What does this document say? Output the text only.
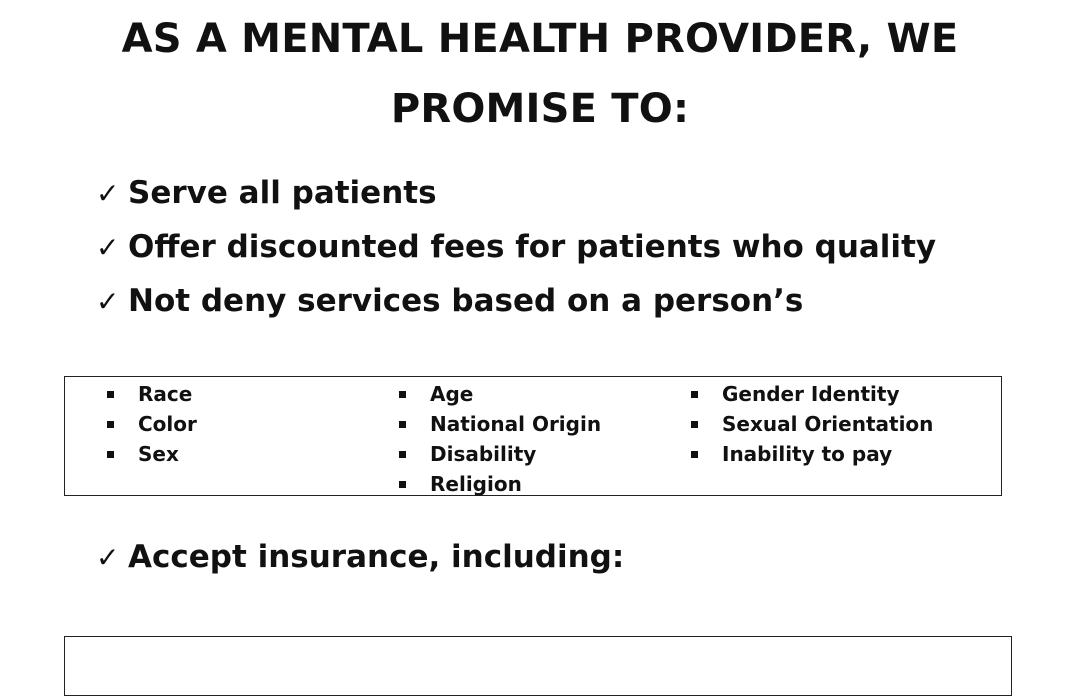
AS A MENTAL HEALTH PROVIDER, WE
PROMISE TO:
✓ Serve all patients
✓ Offer discounted fees for patients who quality
✓ Not deny services based on a person’s
Race
Color
Sex
Age
National Origin
Disability
Religion
Gender Identity
Sexual Orientation
Inability to pay
✓ Accept insurance, including:
